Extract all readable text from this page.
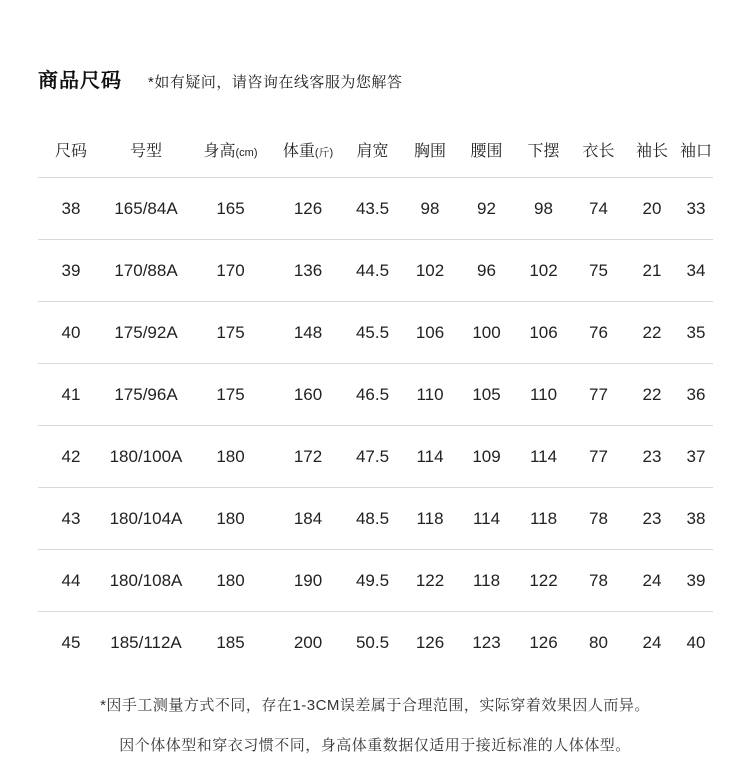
商品尺码 *如有疑问，请咨询在线客服为您解答
尺码	号型	身高(cm)	体重(斤)	肩宽	胸围	腰围	下摆	衣长	袖长	袖口
38	165/84A	165	126	43.5	98	92	98	74	20	33
39	170/88A	170	136	44.5	102	96	102	75	21	34
40	175/92A	175	148	45.5	106	100	106	76	22	35
41	175/96A	175	160	46.5	110	105	110	77	22	36
42	180/100A	180	172	47.5	114	109	114	77	23	37
43	180/104A	180	184	48.5	118	114	118	78	23	38
44	180/108A	180	190	49.5	122	118	122	78	24	39
45	185/112A	185	200	50.5	126	123	126	80	24	40
*因手工测量方式不同，存在1-3CM误差属于合理范围，实际穿着效果因人而异。
因个体体型和穿衣习惯不同，身高体重数据仅适用于接近标准的人体体型。
